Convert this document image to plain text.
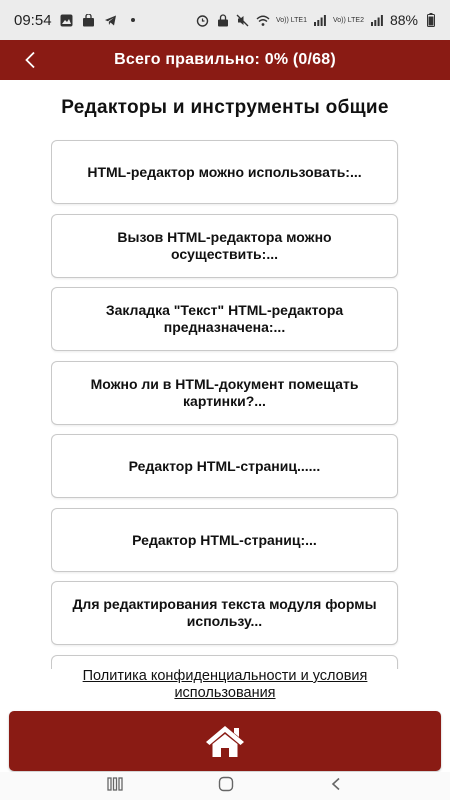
09:54	Vo)) LTE1	Vo)) LTE2 88%
Всего правильно: 0% (0/68)
Редакторы и инструменты общие
HTML-редактор можно использовать:...
Вызов HTML-редактора можно осуществить:...
Закладка "Текст" HTML-редактора предназначена:...
Можно ли в HTML-документ помещать картинки?...
Редактор HTML-страниц......
Редактор HTML-страниц:...
Для редактирования текста модуля формы использу...
Политика конфиденциальности и условия использования
